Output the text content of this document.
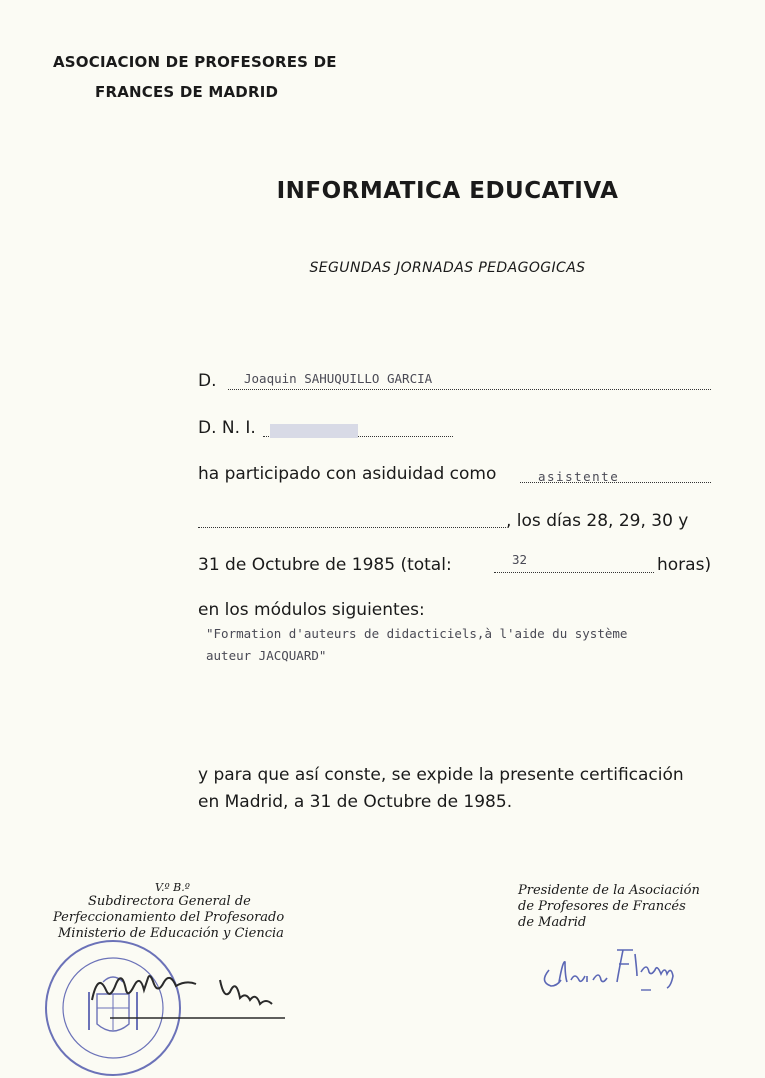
ASOCIACION DE PROFESORES DE
FRANCES DE MADRID
INFORMATICA EDUCATIVA
SEGUNDAS JORNADAS PEDAGOGICAS
D. Joaquin SAHUQUILLO GARCIA
D. N. I.
ha participado con asiduidad como	asistente
, los días 28, 29, 30 y
31 de Octubre de 1985 (total:	32	horas)
en los módulos siguientes:
"Formation d'auteurs de didacticiels,à l'aide du système
auteur JACQUARD"
y para que así conste, se expide la presente certificación
en Madrid, a 31 de Octubre de 1985.
V.º B.º
Subdirectora General de
Perfeccionamiento del Profesorado
Ministerio de Educación y Ciencia
Presidente de la Asociación
de Profesores de Francés
de Madrid
